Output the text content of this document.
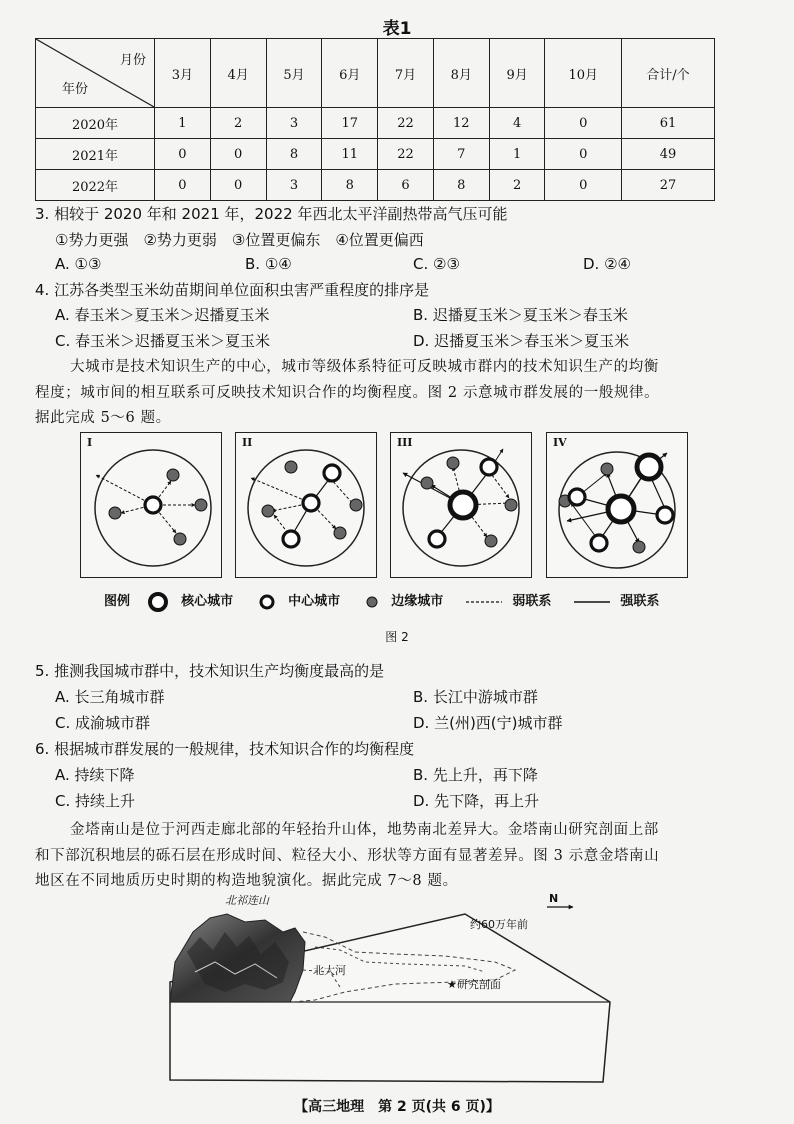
表1
月份
年份	3月	4月	5月	6月	7月	8月	9月	10月	合计/个
2020年	1	2	3	17	22	12	4	0	61
2021年	0	0	8	11	22	7	1	0	49
2022年	0	0	3	8	6	8	2	0	27
3. 相较于 2020 年和 2021 年，2022 年西北太平洋副热带高气压可能
①势力更强　②势力更弱　③位置更偏东　④位置更偏西
A. ①③	B. ①④	C. ②③	D. ②④
4. 江苏各类型玉米幼苗期间单位面积虫害严重程度的排序是
A. 春玉米＞夏玉米＞迟播夏玉米	B. 迟播夏玉米＞夏玉米＞春玉米
C. 春玉米＞迟播夏玉米＞夏玉米	D. 迟播夏玉米＞春玉米＞夏玉米
大城市是技术知识生产的中心，城市等级体系特征可反映城市群内的技术知识生产的均衡
程度；城市间的相互联系可反映技术知识合作的均衡程度。图 2 示意城市群发展的一般规律。
据此完成 5～6 题。
I	II	III	IV
图例	核心城市	中心城市	边缘城市	弱联系	强联系
图 2
5. 推测我国城市群中，技术知识生产均衡度最高的是
A. 长三角城市群	B. 长江中游城市群
C. 成渝城市群	D. 兰(州)西(宁)城市群
6. 根据城市群发展的一般规律，技术知识合作的均衡程度
A. 持续下降	B. 先上升，再下降
C. 持续上升	D. 先下降，再上升
金塔南山是位于河西走廊北部的年轻抬升山体，地势南北差异大。金塔南山研究剖面上部
和下部沉积地层的砾石层在形成时间、粒径大小、形状等方面有显著差异。图 3 示意金塔南山
地区在不同地质历史时期的构造地貌演化。据此完成 7～8 题。
北祁连山
约60万年前
N
北大河
★研究剖面
【高三地理　第 2 页(共 6 页)】
